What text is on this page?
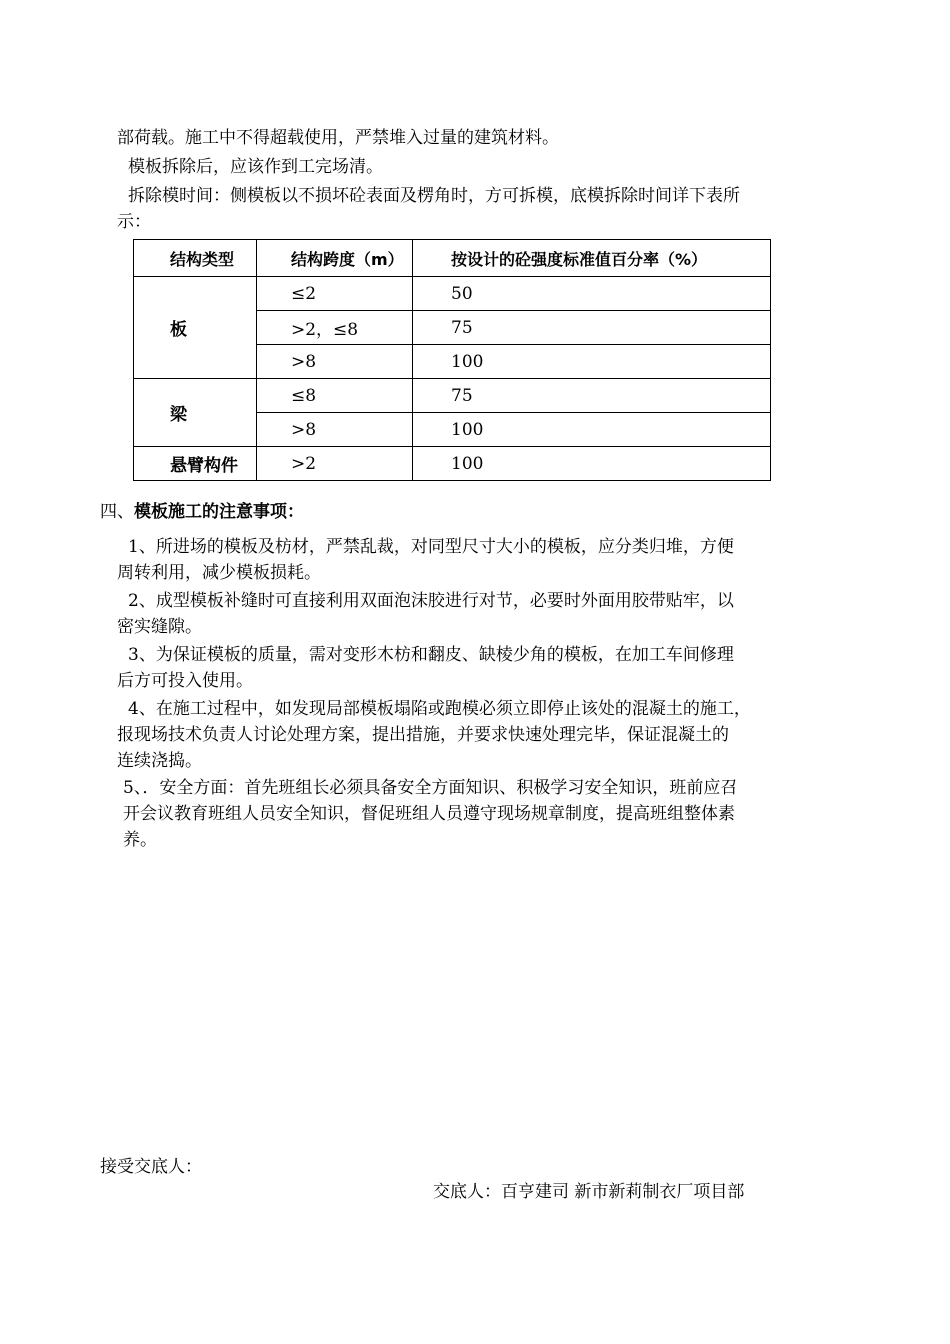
部荷载。施工中不得超载使用，严禁堆入过量的建筑材料。
模板拆除后，应该作到工完场清。
拆除模时间：侧模板以不损坏砼表面及楞角时，方可拆模，底模拆除时间详下表所
示：
结构类型	结构跨度（m）	按设计的砼强度标准值百分率（%）
板	≤2	50
	>2，≤8	75
	>8	100
梁	≤8	75
	>8	100
悬臂构件	>2	100
四、模板施工的注意事项：
1、所进场的模板及枋材，严禁乱裁，对同型尺寸大小的模板，应分类归堆，方便
周转利用，减少模板损耗。
2、成型模板补缝时可直接利用双面泡沫胶进行对节，必要时外面用胶带贴牢，以
密实缝隙。
3、为保证模板的质量，需对变形木枋和翻皮、缺棱少角的模板，在加工车间修理
后方可投入使用。
4、在施工过程中，如发现局部模板塌陷或跑模必须立即停止该处的混凝土的施工，
报现场技术负责人讨论处理方案，提出措施，并要求快速处理完毕，保证混凝土的
连续浇捣。
5、．安全方面：首先班组长必须具备安全方面知识、积极学习安全知识，班前应召
开会议教育班组人员安全知识，督促班组人员遵守现场规章制度，提高班组整体素
养。
接受交底人：
交底人：百亨建司 新市新莉制衣厂项目部
